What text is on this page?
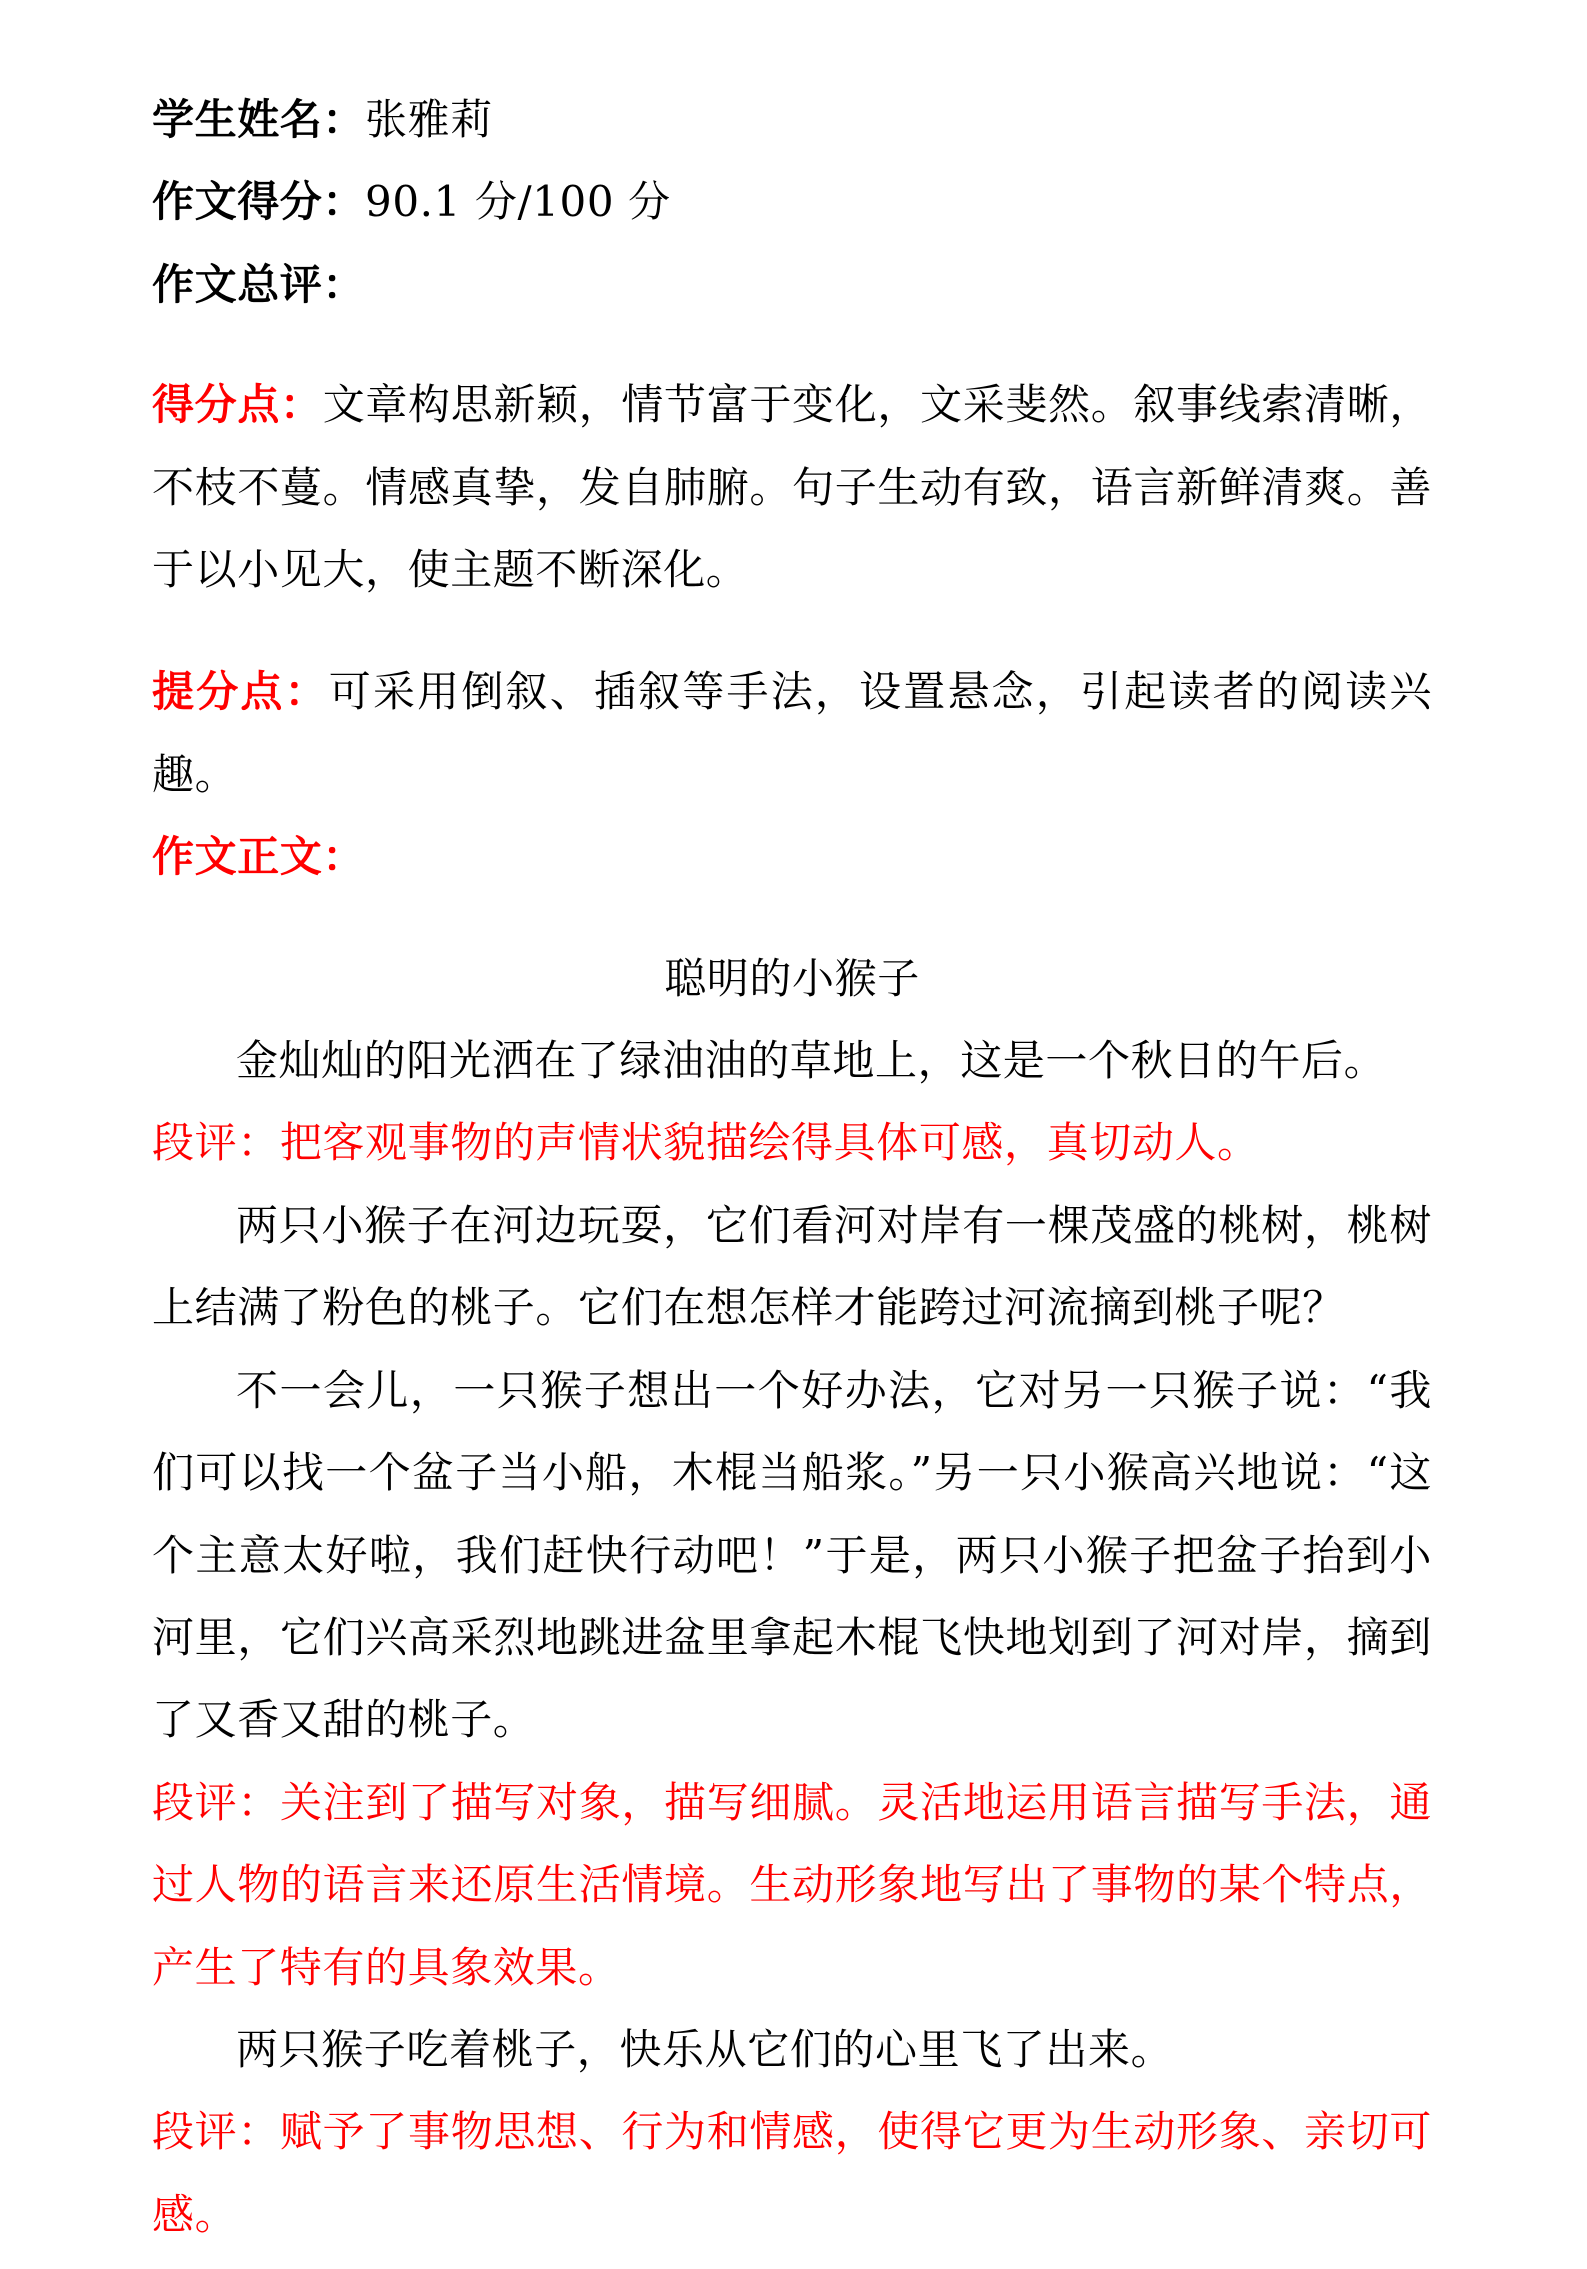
学生姓名：张雅莉
作文得分：90.1 分/100 分
作文总评：

得分点：文章构思新颖，情节富于变化，文采斐然。叙事线索清晰，不枝不蔓。情感真挚，发自肺腑。句子生动有致，语言新鲜清爽。善于以小见大，使主题不断深化。

提分点：可采用倒叙、插叙等手法，设置悬念，引起读者的阅读兴趣。

作文正文：
聪明的小猴子

金灿灿的阳光洒在了绿油油的草地上，这是一个秋日的午后。

段评：把客观事物的声情状貌描绘得具体可感，真切动人。

两只小猴子在河边玩耍，它们看河对岸有一棵茂盛的桃树，桃树上结满了粉色的桃子。它们在想怎样才能跨过河流摘到桃子呢？

不一会儿，一只猴子想出一个好办法，它对另一只猴子说：“我们可以找一个盆子当小船，木棍当船浆。”另一只小猴高兴地说：“这个主意太好啦，我们赶快行动吧！”于是，两只小猴子把盆子抬到小河里，它们兴高采烈地跳进盆里拿起木棍飞快地划到了河对岸，摘到了又香又甜的桃子。

段评：关注到了描写对象，描写细腻。灵活地运用语言描写手法，通过人物的语言来还原生活情境。生动形象地写出了事物的某个特点，产生了特有的具象效果。

两只猴子吃着桃子，快乐从它们的心里飞了出来。

段评：赋予了事物思想、行为和情感，使得它更为生动形象、亲切可感。
